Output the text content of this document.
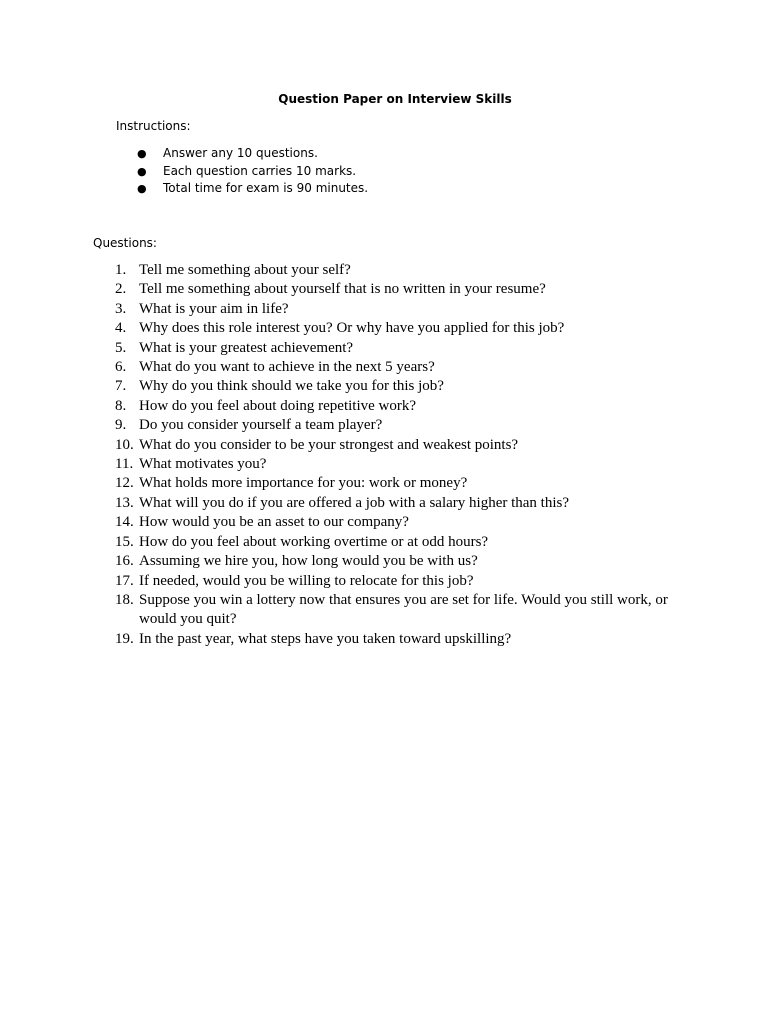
Question Paper on Interview Skills
Instructions:
● Answer any 10 questions.
● Each question carries 10 marks.
● Total time for exam is 90 minutes.
Questions:
1. Tell me something about your self?
2. Tell me something about yourself that is no written in your resume?
3. What is your aim in life?
4. Why does this role interest you? Or why have you applied for this job?
5. What is your greatest achievement?
6. What do you want to achieve in the next 5 years?
7. Why do you think should we take you for this job?
8. How do you feel about doing repetitive work?
9. Do you consider yourself a team player?
10. What do you consider to be your strongest and weakest points?
11. What motivates you?
12. What holds more importance for you: work or money?
13. What will you do if you are offered a job with a salary higher than this?
14. How would you be an asset to our company?
15. How do you feel about working overtime or at odd hours?
16. Assuming we hire you, how long would you be with us?
17. If needed, would you be willing to relocate for this job?
18. Suppose you win a lottery now that ensures you are set for life. Would you still work, or would you quit?
19. In the past year, what steps have you taken toward upskilling?
